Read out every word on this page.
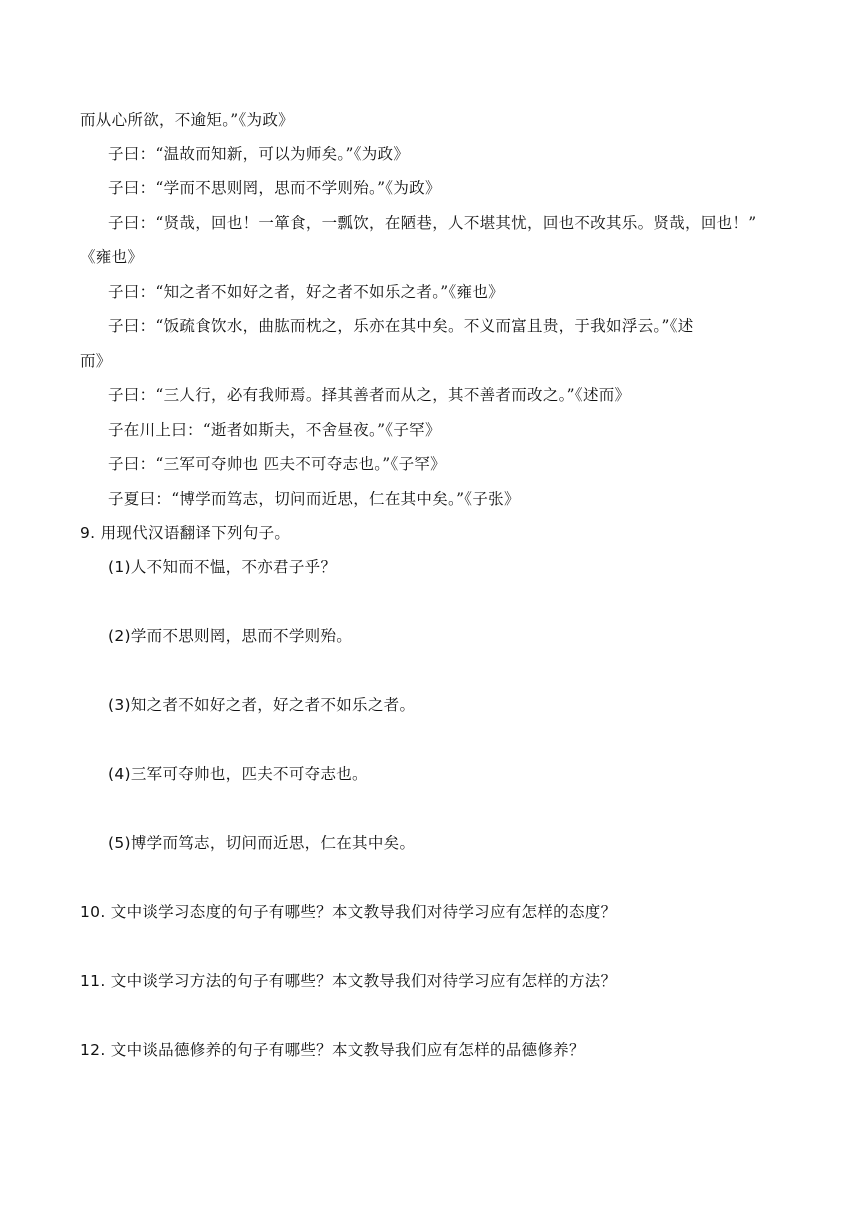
而从心所欲，不逾矩。”《为政》
子曰：“温故而知新，可以为师矣。”《为政》
子曰：“学而不思则罔，思而不学则殆。”《为政》
子曰：“贤哉，回也！一箪食，一瓢饮，在陋巷，人不堪其忧，回也不改其乐。贤哉，回也！”
《雍也》
子曰：“知之者不如好之者，好之者不如乐之者。”《雍也》
子曰：“饭疏食饮水，曲肱而枕之，乐亦在其中矣。不义而富且贵，于我如浮云。”《述
而》
子曰：“三人行，必有我师焉。择其善者而从之，其不善者而改之。”《述而》
子在川上曰：“逝者如斯夫，不舍昼夜。”《子罕》
子曰：“三军可夺帅也 匹夫不可夺志也。”《子罕》
子夏曰：“博学而笃志，切问而近思，仁在其中矣。”《子张》
9. 用现代汉语翻译下列句子。
(1)人不知而不愠，不亦君子乎？
(2)学而不思则罔，思而不学则殆。
(3)知之者不如好之者，好之者不如乐之者。
(4)三军可夺帅也，匹夫不可夺志也。
(5)博学而笃志，切问而近思，仁在其中矣。
10. 文中谈学习态度的句子有哪些？本文教导我们对待学习应有怎样的态度？
11. 文中谈学习方法的句子有哪些？本文教导我们对待学习应有怎样的方法？
12. 文中谈品德修养的句子有哪些？本文教导我们应有怎样的品德修养？
